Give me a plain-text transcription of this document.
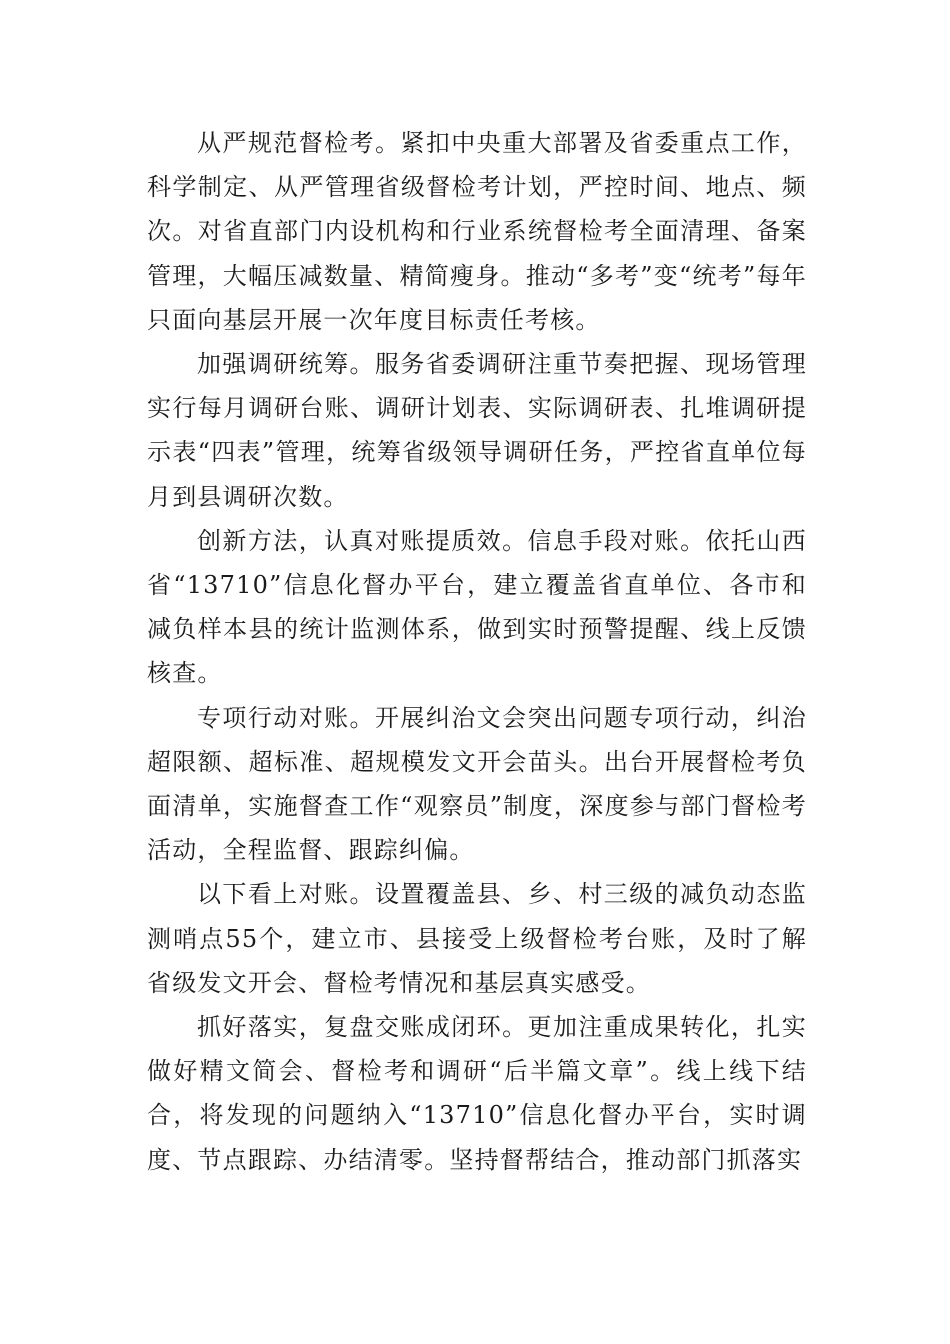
从严规范督检考。紧扣中央重大部署及省委重点工作，科学制定、从严管理省级督检考计划，严控时间、地点、频次。对省直部门内设机构和行业系统督检考全面清理、备案管理，大幅压减数量、精简瘦身。推动“多考”变“统考”每年只面向基层开展一次年度目标责任考核。

加强调研统筹。服务省委调研注重节奏把握、现场管理实行每月调研台账、调研计划表、实际调研表、扎堆调研提示表“四表”管理，统筹省级领导调研任务，严控省直单位每月到县调研次数。

创新方法，认真对账提质效。信息手段对账。依托山西省“13710”信息化督办平台，建立覆盖省直单位、各市和减负样本县的统计监测体系，做到实时预警提醒、线上反馈核查。

专项行动对账。开展纠治文会突出问题专项行动，纠治超限额、超标准、超规模发文开会苗头。出台开展督检考负面清单，实施督查工作“观察员”制度，深度参与部门督检考活动，全程监督、跟踪纠偏。

以下看上对账。设置覆盖县、乡、村三级的减负动态监测哨点55个，建立市、县接受上级督检考台账，及时了解省级发文开会、督检考情况和基层真实感受。

抓好落实，复盘交账成闭环。更加注重成果转化，扎实做好精文简会、督检考和调研“后半篇文章”。线上线下结合，将发现的问题纳入“13710”信息化督办平台，实时调度、节点跟踪、办结清零。坚持督帮结合，推动部门抓落实
